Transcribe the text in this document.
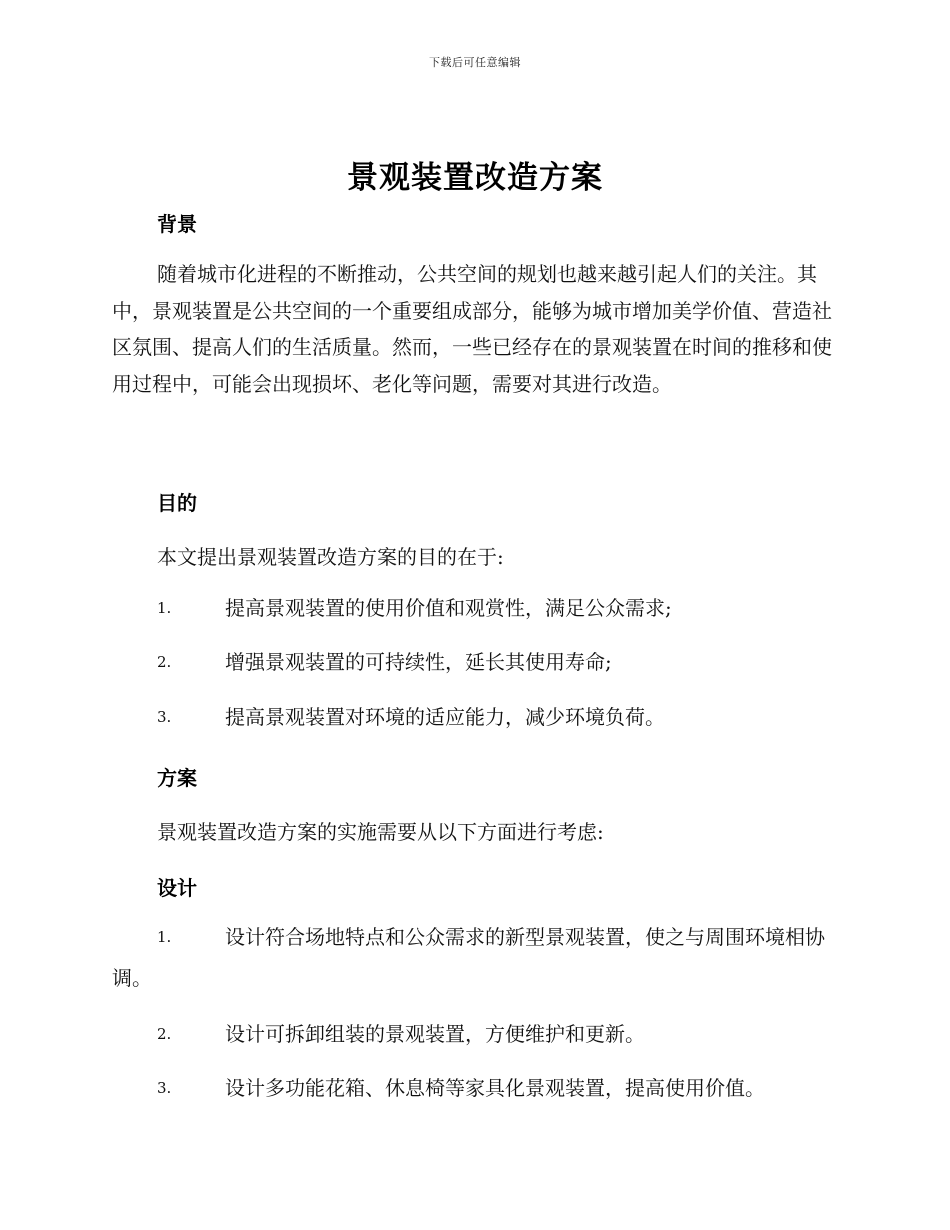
下载后可任意编辑
景观装置改造方案
背景
随着城市化进程的不断推动，公共空间的规划也越来越引起人们的关注。其中，景观装置是公共空间的一个重要组成部分，能够为城市增加美学价值、营造社区氛围、提高人们的生活质量。然而，一些已经存在的景观装置在时间的推移和使用过程中，可能会出现损坏、老化等问题，需要对其进行改造。
目的
本文提出景观装置改造方案的目的在于:
1.	提高景观装置的使用价值和观赏性，满足公众需求;
2.	增强景观装置的可持续性，延长其使用寿命;
3.	提高景观装置对环境的适应能力，减少环境负荷。
方案
景观装置改造方案的实施需要从以下方面进行考虑:
设计
1.	设计符合场地特点和公众需求的新型景观装置，使之与周围环境相协调。
2.	设计可拆卸组装的景观装置，方便维护和更新。
3.	设计多功能花箱、休息椅等家具化景观装置，提高使用价值。
